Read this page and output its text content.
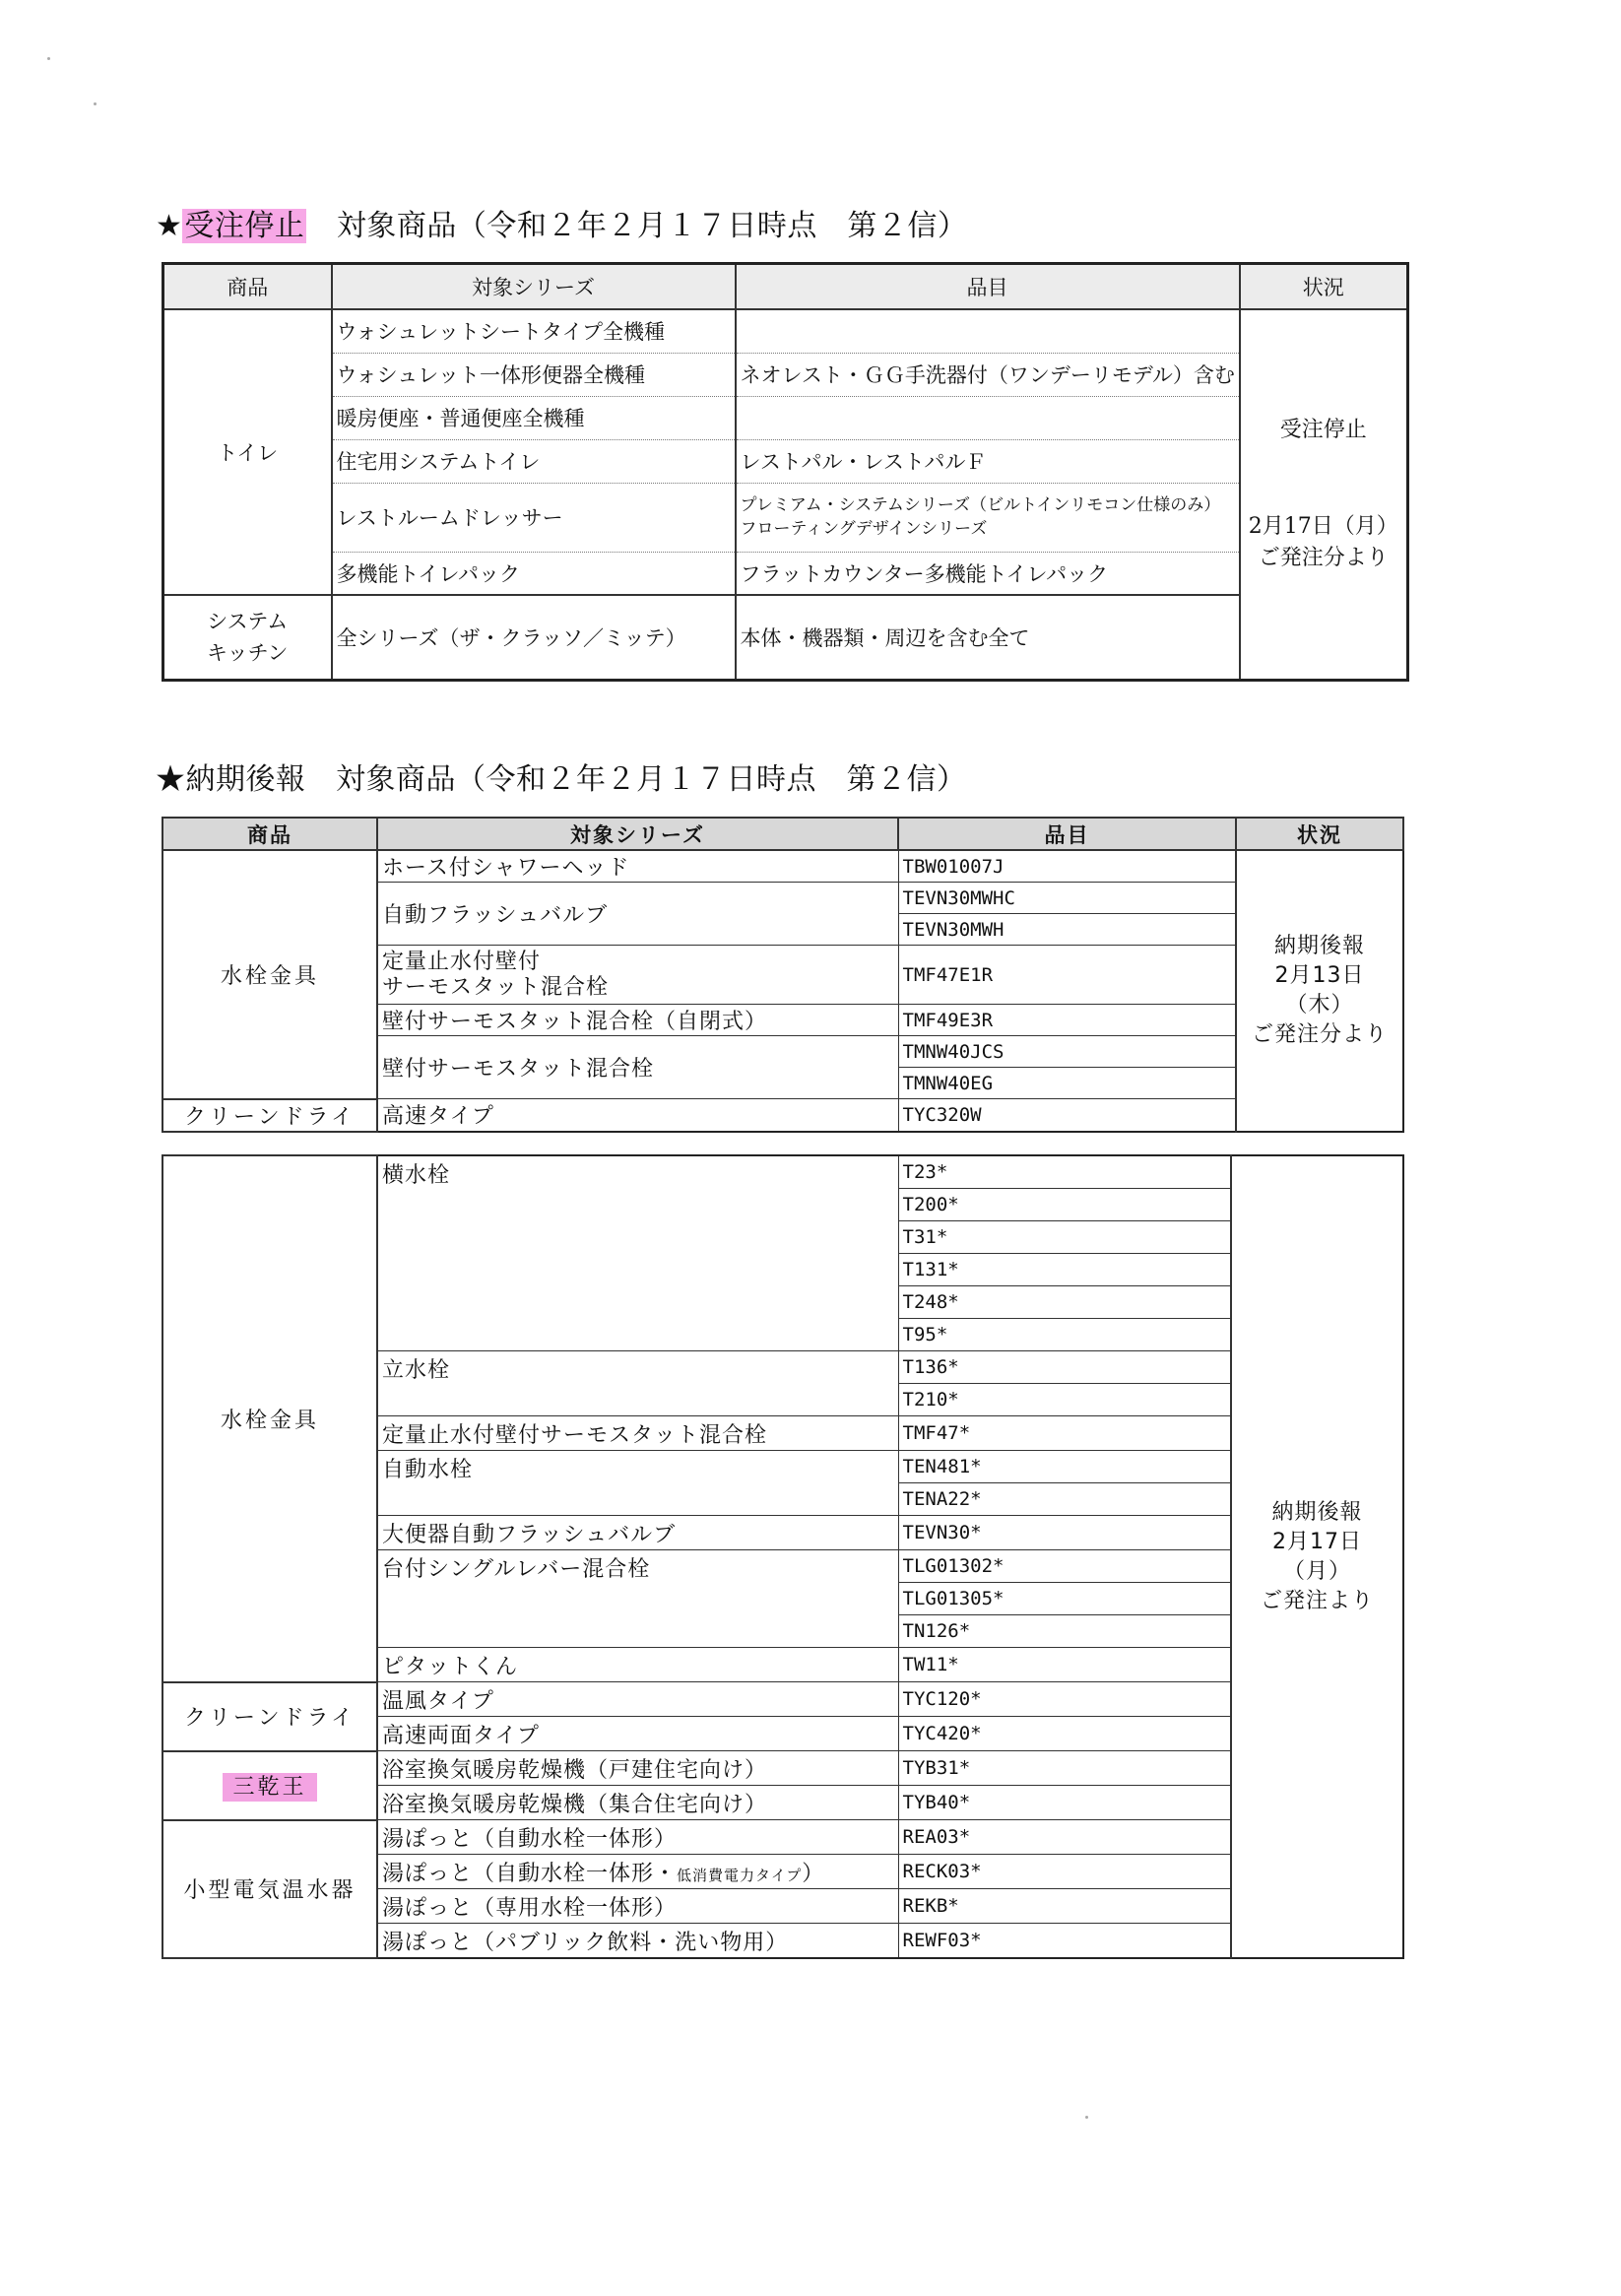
★受注停止　対象商品（令和２年２月１７日時点　第２信）
商品	対象シリーズ	品目	状況
トイレ	ウォシュレットシートタイプ全機種		受注停止
2月17日（月）
ご発注分より

	ウォシュレット一体形便器全機種	ネオレスト・ＧＧ手洗器付（ワンデーリモデル）含む	
	暖房便座・普通便座全機種		
	住宅用システムトイレ	レストパル・レストパルＦ	
	レストルームドレッサー	プレミアム・システムシリーズ（ビルトインリモコン仕様のみ）
フローティングデザインシリーズ	

	多機能トイレパック	フラットカウンター多機能トイレパック	

システム
キッチン	全シリーズ（ザ・クラッソ／ミッテ）	本体・機器類・周辺を含む全て	
★納期後報　対象商品（令和２年２月１７日時点　第２信）
商品	対象シリーズ	品目	状況
水栓金具	ホース付シャワーヘッド	TBW01007J	納期後報
2月13日
（木）
ご発注分より

	自動フラッシュバルブ	TEVN30MWHC	
		TEVN30MWH	

	定量止水付壁付
サーモスタット混合栓	TMF47E1R	
	壁付サーモスタット混合栓（自閉式）	TMF49E3R	
	壁付サーモスタット混合栓	TMNW40JCS	
		TMNW40EG	
クリーンドライ	高速タイプ	TYC320W	
水栓金具	横水栓	T23*	納期後報
2月17日
（月）
ご発注より

		T200*	
		T31*	
		T131*	
		T248*	
		T95*	
	立水栓	T136*	
		T210*	
	定量止水付壁付サーモスタット混合栓	TMF47*	
	自動水栓	TEN481*	
		TENA22*	
	大便器自動フラッシュバルブ	TEVN30*	
	台付シングルレバー混合栓	TLG01302*	
		TLG01305*	
		TN126*	
	ピタットくん	TW11*	
クリーンドライ	温風タイプ	TYC120*	
	高速両面タイプ	TYC420*	
三乾王	浴室換気暖房乾燥機（戸建住宅向け）	TYB31*	
	浴室換気暖房乾燥機（集合住宅向け）	TYB40*	
小型電気温水器	湯ぽっと（自動水栓一体形）	REA03*	
	湯ぽっと（自動水栓一体形・低消費電力タイプ）	RECK03*	
	湯ぽっと（専用水栓一体形）	REKB*	
	湯ぽっと（パブリック飲料・洗い物用）	REWF03*	
